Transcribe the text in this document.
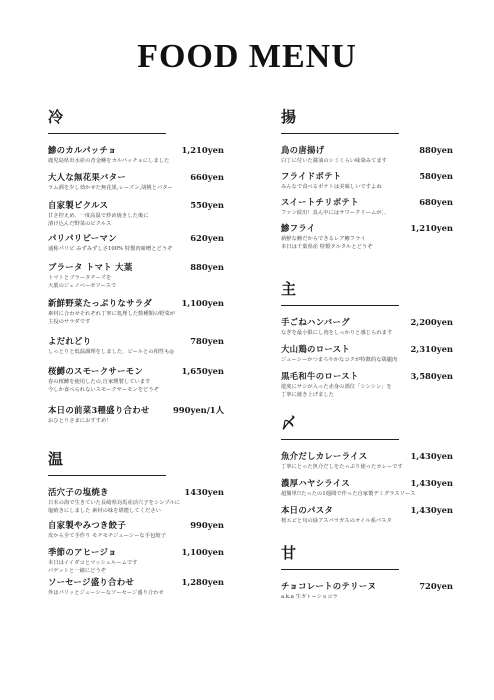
FOOD MENU
冷
鯵のカルパッチョ	1,210yen
鹿児島県出水産の青金鯵をカルパッチョにしました
大人な無花果バター	660yen
ラム酒を少し効かせた無花果,レーズン,胡桃とバター
自家製ピクルス	550yen
甘さ控えめ、一度高温で炒め焼きした後に
漬け込んだ野菜のピクルス
パリパリピーマン	620yen
通称パリピ みずみずしさ100% 特製肉味噌とどうぞ
ブラータ トマト 大葉	880yen
トマトとブラータチーズを
大葉のジェノベーゼソースで
新鮮野菜たっぷりなサラダ	1,100yen
素材に合わせそれぞれ丁寧に処理した数種類の野菜が
主役のサラダです
よだれどり	780yen
しっとりと低温調理をしました、ビールとの相性も◎
桜鱒のスモークサーモン	1,650yen
春の桜鱒を使用したの,自家燻製しています
今しか食べられないスモークサーモンをどうぞ
本日の前菜3種盛り合わせ	990yen/1人
おひとりさまにおすすめ！
温
活穴子の塩焼き	1430yen
日本の海で生きていた長崎県対馬産活穴子をシンプルに
塩焼きにしました 素材の味を堪能してください
自家製やみつき餃子	990yen
皮から全て手作り モチモチジューシーな手包餃子
季節のアヒージョ	1,100yen
本日はイイダコとマッシュルームです
バゲットと一緒にどうぞ
ソーセージ盛り合わせ	1,280yen
外はパリッとジューシーなソーセージ盛り合わせ
揚
鳥の唐揚げ	880yen
白丁に付いた醤油のシミくらい味染みてます
フライドポテト	580yen
みんなで食べるポテトは美味しいですよね
スイートチリポテト	680yen
ファン続出！真ん中にはサワークリームが、、
鯵フライ	1,210yen
新鮮な鯵だからできるレア鯵フライ
本日は千葉県産 特製タルタルとどうぞ
主
手ごねハンバーグ	2,200yen
なぎを最小限にし肉をしっかりと感じられます
大山鶏のロースト	2,310yen
ジューシーかつまろやかなコクが特徴的な鶏腿肉
黒毛和牛のロースト	3,580yen
遊度にサシが入った赤身の部位「シンシン」を
丁寧に焼き上げました
〆
魚介だしカレーライス	1,430yen
丁寧にとった魚介だしをたっぷり使ったカレーです
濃厚ハヤシライス	1,430yen
超簡単!!たったの1週間で作った自家製デミグラスソース
本日のパスタ	1,430yen
桜エビと旬の緑アスパラガスのオイル系パスタ
甘
チョコレートのテリーヌ	720yen
a.k.a 生ガトーショコラ
